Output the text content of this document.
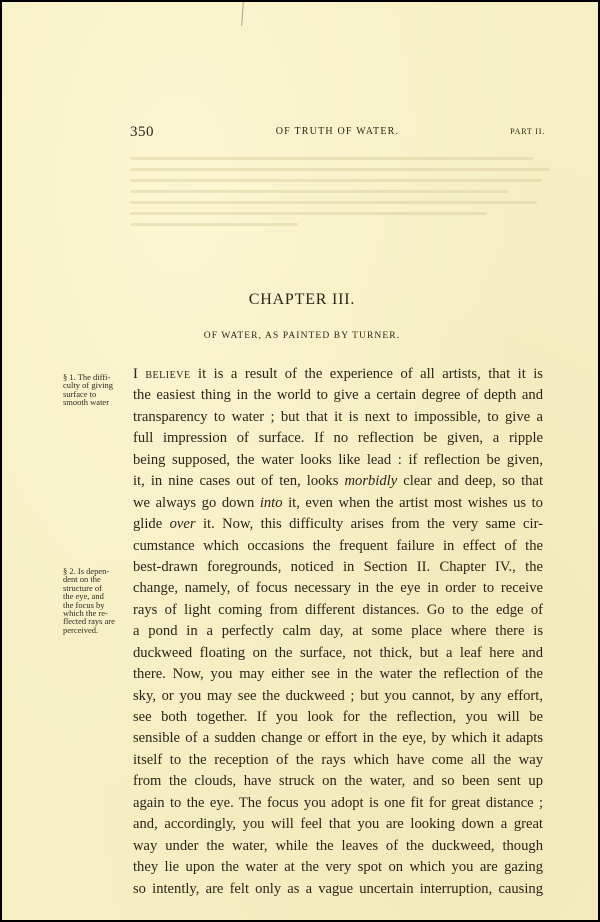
350	OF TRUTH OF WATER.	PART II.
CHAPTER III.
OF WATER, AS PAINTED BY TURNER.
§ 1. The diffi-
culty of giving
surface to
smooth water
§ 2. Is depen-
dent on the
structure of
the eye, and
the focus by
which the re-
flected rays are
perceived.
I believe it is a result of the experience of all artists, that it is
the easiest thing in the world to give a certain degree of depth and
transparency to water ; but that it is next to impossible, to give a
full impression of surface. If no reflection be given, a ripple
being supposed, the water looks like lead : if reflection be given,
it, in nine cases out of ten, looks morbidly clear and deep, so that
we always go down into it, even when the artist most wishes us to
glide over it. Now, this difficulty arises from the very same cir-
cumstance which occasions the frequent failure in effect of the
best-drawn foregrounds, noticed in Section II. Chapter IV., the
change, namely, of focus necessary in the eye in order to receive
rays of light coming from different distances. Go to the edge of
a pond in a perfectly calm day, at some place where there is
duckweed floating on the surface, not thick, but a leaf here and
there. Now, you may either see in the water the reflection of the
sky, or you may see the duckweed ; but you cannot, by any effort,
see both together. If you look for the reflection, you will be
sensible of a sudden change or effort in the eye, by which it adapts
itself to the reception of the rays which have come all the way
from the clouds, have struck on the water, and so been sent up
again to the eye. The focus you adopt is one fit for great distance ;
and, accordingly, you will feel that you are looking down a great
way under the water, while the leaves of the duckweed, though
they lie upon the water at the very spot on which you are gazing
so intently, are felt only as a vague uncertain interruption, causing
